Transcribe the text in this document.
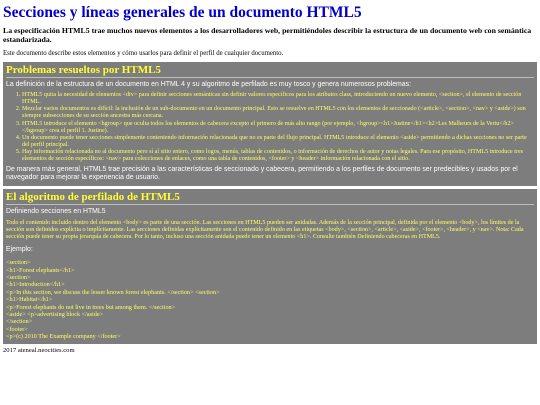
Secciones y líneas generales de un documento HTML5

La especificación HTML5 trae muchos nuevos elementos a los desarrolladores web, permitiéndoles describir la estructura de un documento web con semántica estandarizada.

Este documento describe estos elementos y cómo usarlos para definir el perfil de cualquier documento.

Problemas resueltos por HTML5

La definición de la estructura de un documento en HTML 4 y su algoritmo de perfilado es muy tosco y genera numerosos problemas:

1. HTML5 quita la necesidad de elementos <div> para definir secciones semánticas sin definir valores específicos para los atributos class, introduciendo un nuevo elemento, <section>, el elemento de sección HTML.
2. Mezclar varios documentos es difícil: la inclusión de un sub-documento en un documento principal. Esto se resuelve en HTML5 con los elementos de seccionado (<article>, <section>, <nav> y <aside>) son siempre subsecciones de su sección ancestra más cercana.
3. HTML5 introduce el elemento <hgroup> que oculta todos los elementos de cabecera excepto el primero de más alto rango (por ejemplo, <hgroup><h1>Justine</h1><h2>Les Malheurs de la Vertu</h2></hgroup> crea el perfil 1. Justine).
4. Un documento puede tener secciones simplemente conteniendo información relacionada que no es parte del flujo principal. HTML5 introduce el elemento <aside> permitiendo a dichas secciones no ser parte del perfil principal.
5. Hay información relacionada no al documento pero sí al sitio entero, como logos, menús, tablas de contenidos, o información de derechos de autor y notas legales. Para ese propósito, HTML5 introduce tres elementos de sección específicos: <nav> para colecciones de enlaces, como una tabla de contenidos, <footer> y <header> información relacionada con el sitio.

De manera más general, HTML5 trae precisión a las características de seccionado y cabecera, permitiendo a los perfiles de documento ser predecibles y usados por el navegador para mejorar la experiencia de usuario.

El algoritmo de perfilado de HTML5

Definiendo secciones en HTML5

Todo el contenido incluido dentro del elemento <body> es parte de una sección. Las secciones en HTML5 pueden ser anidadas. Además de la sección principal, definida por el elemento <body>, los límites de la sección son definidos explícita o implícitamente. Las secciones definidas explícitamente son el contenido definido en las etiquetas <body>, <section>, <article>, <aside>, <footer>, <header>, y <nav>. Nota: Cada sección puede tener su propia jerarquía de cabecera. Por lo tanto, incluso una sección anidada puede tener un elemento <h1>. Consulte también Definiendo cabeceras en HTML5.

Ejemplo:

<section>

<h1>Forest elephants</h1>

<section>

<h1>Introduction</h1>

<p>In this section, we discuss the lesser known forest elephants. </section> <section>

<h1>Habitat</h1>

<p>Forest elephants do not live in trees but among them. </section>

<aside> <p>advertising block </aside>

</section>

<footer>

<p>(c) 2010 The Example company </footer>

2017 ateneal.neocities.com
